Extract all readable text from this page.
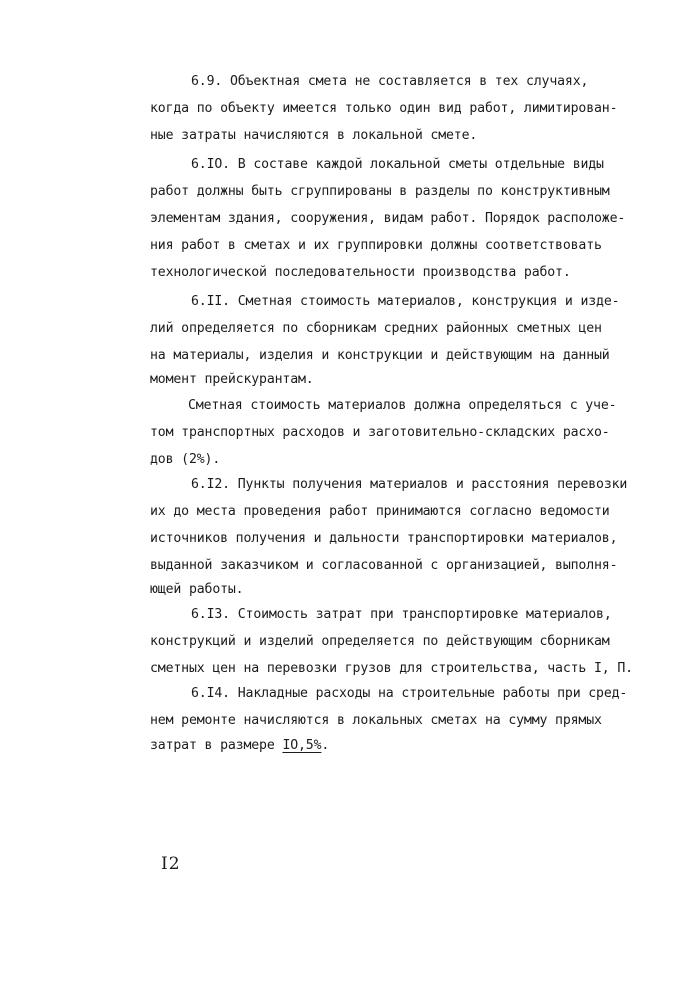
6.9. Объектная смета не составляется в тех случаях,
когда по объекту имеется только один вид работ, лимитирован-
ные затраты начисляются в локальной смете.
6.IO. В составе каждой локальной сметы отдельные виды
работ должны быть сгруппированы в разделы по конструктивным
элементам здания, сооружения, видам работ. Порядок расположе-
ния работ в сметах и их группировки должны соответствовать
технологической последовательности производства работ.
6.II. Сметная стоимость материалов, конструкция и изде-
лий определяется по сборникам средних районных сметных цен
на материалы, изделия и конструкции и действующим на данный
момент прейскурантам.
Сметная стоимость материалов должна определяться с уче-
том транспортных расходов и заготовительно-складских расхо-
дов (2%).
6.I2. Пункты получения материалов и расстояния перевозки
их до места проведения работ принимаются согласно ведомости
источников получения и дальности транспортировки материалов,
выданной заказчиком и согласованной с организацией, выполня-
ющей работы.
6.I3. Стоимость затрат при транспортировке материалов,
конструкций и изделий определяется по действующим сборникам
сметных цен на перевозки грузов для строительства, часть I, П.
6.I4. Накладные расходы на строительные работы при сред-
нем ремонте начисляются в локальных сметах на сумму прямых
затрат в размере IO,5%.
I2
